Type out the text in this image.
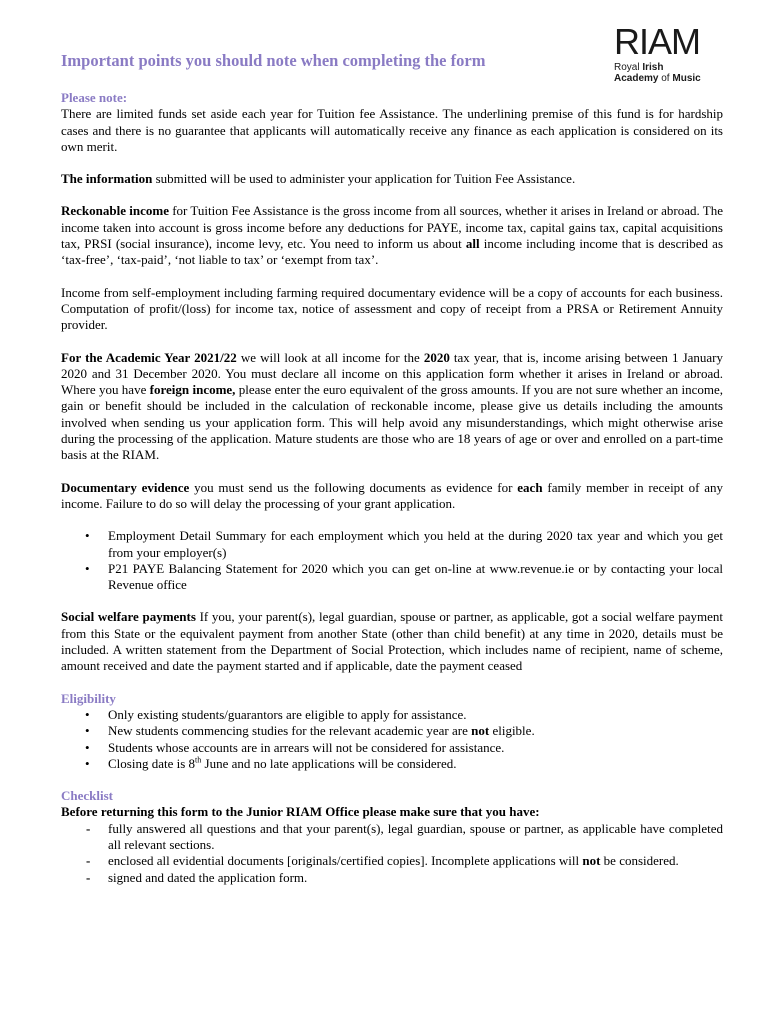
Important points you should note when completing the form	RIAM
Royal Irish
Academy of Music

Please note:

There are limited funds set aside each year for Tuition fee Assistance. The underlining premise of this fund is for hardship cases and there is no guarantee that applicants will automatically receive any finance as each application is considered on its own merit.

The information submitted will be used to administer your application for Tuition Fee Assistance.

Reckonable income for Tuition Fee Assistance is the gross income from all sources, whether it arises in Ireland or abroad. The income taken into account is gross income before any deductions for PAYE, income tax, capital gains tax, capital acquisitions tax, PRSI (social insurance), income levy, etc. You need to inform us about all income including income that is described as ‘tax-free’, ‘tax-paid’, ‘not liable to tax’ or ‘exempt from tax’.

Income from self-employment including farming required documentary evidence will be a copy of accounts for each business. Computation of profit/(loss) for income tax, notice of assessment and copy of receipt from a PRSA or Retirement Annuity provider.

For the Academic Year 2021/22 we will look at all income for the 2020 tax year, that is, income arising between 1 January 2020 and 31 December 2020. You must declare all income on this application form whether it arises in Ireland or abroad. Where you have foreign income, please enter the euro equivalent of the gross amounts. If you are not sure whether an income, gain or benefit should be included in the calculation of reckonable income, please give us details including the amounts involved when sending us your application form. This will help avoid any misunderstandings, which might otherwise arise during the processing of the application. Mature students are those who are 18 years of age or over and enrolled on a part-time basis at the RIAM.

Documentary evidence you must send us the following documents as evidence for each family member in receipt of any income. Failure to do so will delay the processing of your grant application.

• Employment Detail Summary for each employment which you held at the during 2020 tax year and which you get from your employer(s)
• P21 PAYE Balancing Statement for 2020 which you can get on-line at www.revenue.ie or by contacting your local Revenue office

Social welfare payments If you, your parent(s), legal guardian, spouse or partner, as applicable, got a social welfare payment from this State or the equivalent payment from another State (other than child benefit) at any time in 2020, details must be included. A written statement from the Department of Social Protection, which includes name of recipient, name of scheme, amount received and date the payment started and if applicable, date the payment ceased

Eligibility

• Only existing students/guarantors are eligible to apply for assistance.
• New students commencing studies for the relevant academic year are not eligible.
• Students whose accounts are in arrears will not be considered for assistance.
• Closing date is 8th June and no late applications will be considered.

Checklist

Before returning this form to the Junior RIAM Office please make sure that you have:

- fully answered all questions and that your parent(s), legal guardian, spouse or partner, as applicable have completed all relevant sections.
- enclosed all evidential documents [originals/certified copies]. Incomplete applications will not be considered.
- signed and dated the application form.
